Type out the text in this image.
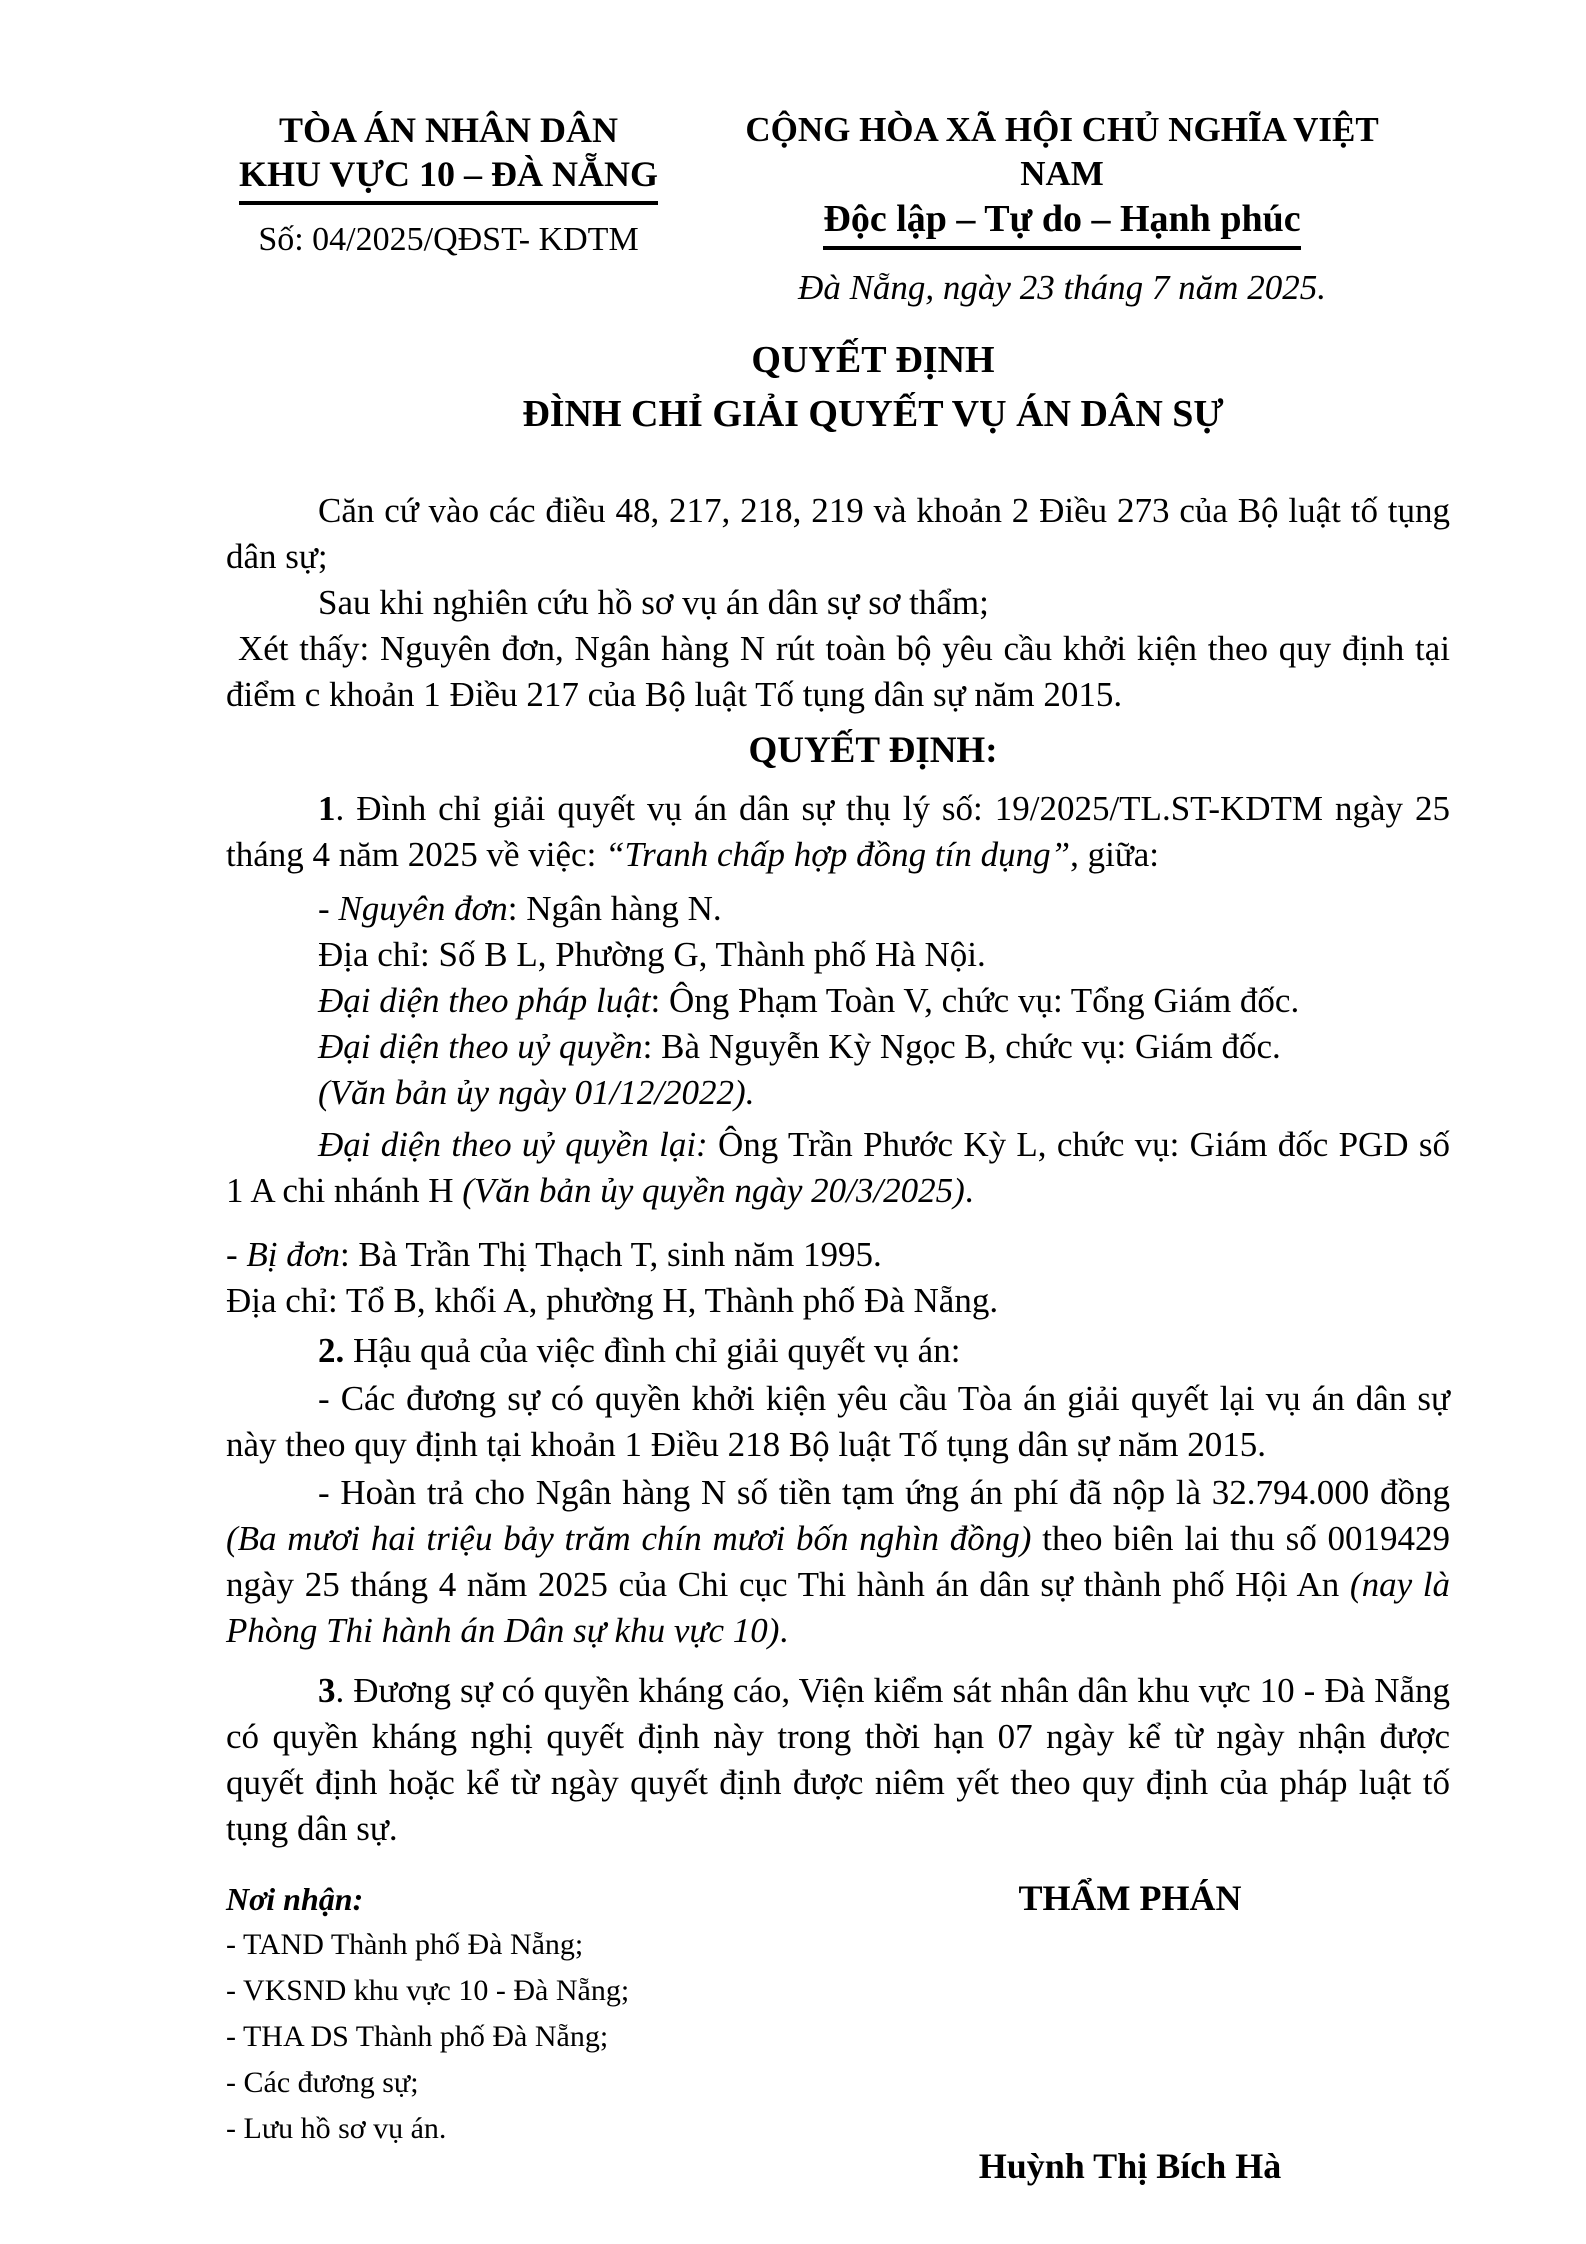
TÒA ÁN NHÂN DÂN
KHU VỰC 10 – ĐÀ NẴNG
Số: 04/2025/QĐST- KDTM
CỘNG HÒA XÃ HỘI CHỦ NGHĨA VIỆT NAM
Độc lập – Tự do – Hạnh phúc
Đà Nẵng, ngày 23 tháng 7 năm 2025.
QUYẾT ĐỊNH
ĐÌNH CHỈ GIẢI QUYẾT VỤ ÁN DÂN SỰ

Căn cứ vào các điều 48, 217, 218, 219 và khoản 2 Điều 273 của Bộ luật tố tụng dân sự;

Sau khi nghiên cứu hồ sơ vụ án dân sự sơ thẩm;

Xét thấy: Nguyên đơn, Ngân hàng N rút toàn bộ yêu cầu khởi kiện theo quy định tại điểm c khoản 1 Điều 217 của Bộ luật Tố tụng dân sự năm 2015.

QUYẾT ĐỊNH:

1. Đình chỉ giải quyết vụ án dân sự thụ lý số: 19/2025/TL.ST-KDTM ngày 25 tháng 4 năm 2025 về việc: “Tranh chấp hợp đồng tín dụng”, giữa:

- Nguyên đơn: Ngân hàng N.

Địa chỉ: Số B L, Phường G, Thành phố Hà Nội.

Đại diện theo pháp luật: Ông Phạm Toàn V, chức vụ: Tổng Giám đốc.

Đại diện theo uỷ quyền: Bà Nguyễn Kỳ Ngọc B, chức vụ: Giám đốc.

(Văn bản ủy ngày 01/12/2022).

Đại diện theo uỷ quyền lại: Ông Trần Phước Kỳ L, chức vụ: Giám đốc PGD số 1 A chi nhánh H (Văn bản ủy quyền ngày 20/3/2025).

- Bị đơn: Bà Trần Thị Thạch T, sinh năm 1995.

Địa chỉ: Tổ B, khối A, phường H, Thành phố Đà Nẵng.

2. Hậu quả của việc đình chỉ giải quyết vụ án:

- Các đương sự có quyền khởi kiện yêu cầu Tòa án giải quyết lại vụ án dân sự này theo quy định tại khoản 1 Điều 218 Bộ luật Tố tụng dân sự năm 2015.

- Hoàn trả cho Ngân hàng N số tiền tạm ứng án phí đã nộp là 32.794.000 đồng (Ba mươi hai triệu bảy trăm chín mươi bốn nghìn đồng) theo biên lai thu số 0019429 ngày 25 tháng 4 năm 2025 của Chi cục Thi hành án dân sự thành phố Hội An (nay là Phòng Thi hành án Dân sự khu vực 10).

3. Đương sự có quyền kháng cáo, Viện kiểm sát nhân dân khu vực 10 - Đà Nẵng có quyền kháng nghị quyết định này trong thời hạn 07 ngày kể từ ngày nhận được quyết định hoặc kể từ ngày quyết định được niêm yết theo quy định của pháp luật tố tụng dân sự.

Nơi nhận:

- TAND Thành phố Đà Nẵng;

- VKSND khu vực 10 - Đà Nẵng;

- THA DS Thành phố Đà Nẵng;

- Các đương sự;

- Lưu hồ sơ vụ án.

THẨM PHÁN
Huỳnh Thị Bích Hà
